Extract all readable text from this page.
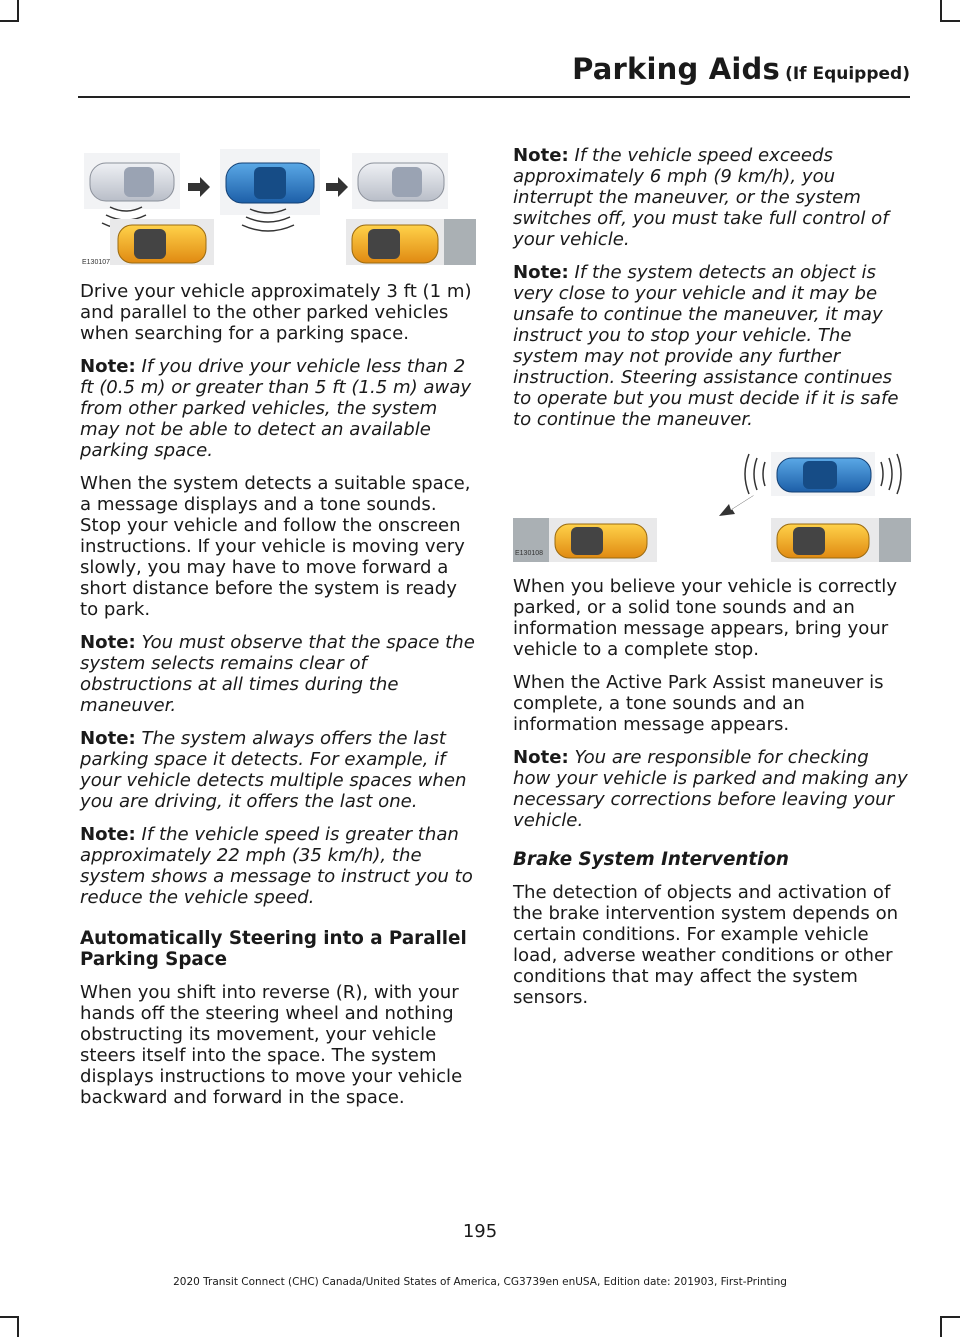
Parking Aids (If Equipped)
E130107

Drive your vehicle approximately 3 ft (1 m) and parallel to the other parked vehicles when searching for a parking space.

Note: If you drive your vehicle less than 2 ft (0.5 m) or greater than 5 ft (1.5 m) away from other parked vehicles, the system may not be able to detect an available parking space.

When the system detects a suitable space, a message displays and a tone sounds. Stop your vehicle and follow the onscreen instructions. If your vehicle is moving very slowly, you may have to move forward a short distance before the system is ready to park.

Note: You must observe that the space the system selects remains clear of obstructions at all times during the maneuver.

Note: The system always offers the last parking space it detects. For example, if your vehicle detects multiple spaces when you are driving, it offers the last one.

Note: If the vehicle speed is greater than approximately 22 mph (35 km/h), the system shows a message to instruct you to reduce the vehicle speed.

Automatically Steering into a Parallel Parking Space

When you shift into reverse (R), with your hands off the steering wheel and nothing obstructing its movement, your vehicle steers itself into the space. The system displays instructions to move your vehicle backward and forward in the space.

Note: If the vehicle speed exceeds approximately 6 mph (9 km/h), you interrupt the maneuver, or the system switches off, you must take full control of your vehicle.

Note: If the system detects an object is very close to your vehicle and it may be unsafe to continue the maneuver, it may instruct you to stop your vehicle. The system may not provide any further instruction. Steering assistance continues to operate but you must decide if it is safe to continue the maneuver.

E130108

When you believe your vehicle is correctly parked, or a solid tone sounds and an information message appears, bring your vehicle to a complete stop.

When the Active Park Assist maneuver is complete, a tone sounds and an information message appears.

Note: You are responsible for checking how your vehicle is parked and making any necessary corrections before leaving your vehicle.

Brake System Intervention

The detection of objects and activation of the brake intervention system depends on certain conditions. For example vehicle load, adverse weather conditions or other conditions that may affect the system sensors.

195
2020 Transit Connect (CHC) Canada/United States of America, CG3739en enUSA, Edition date: 201903, First-Printing
